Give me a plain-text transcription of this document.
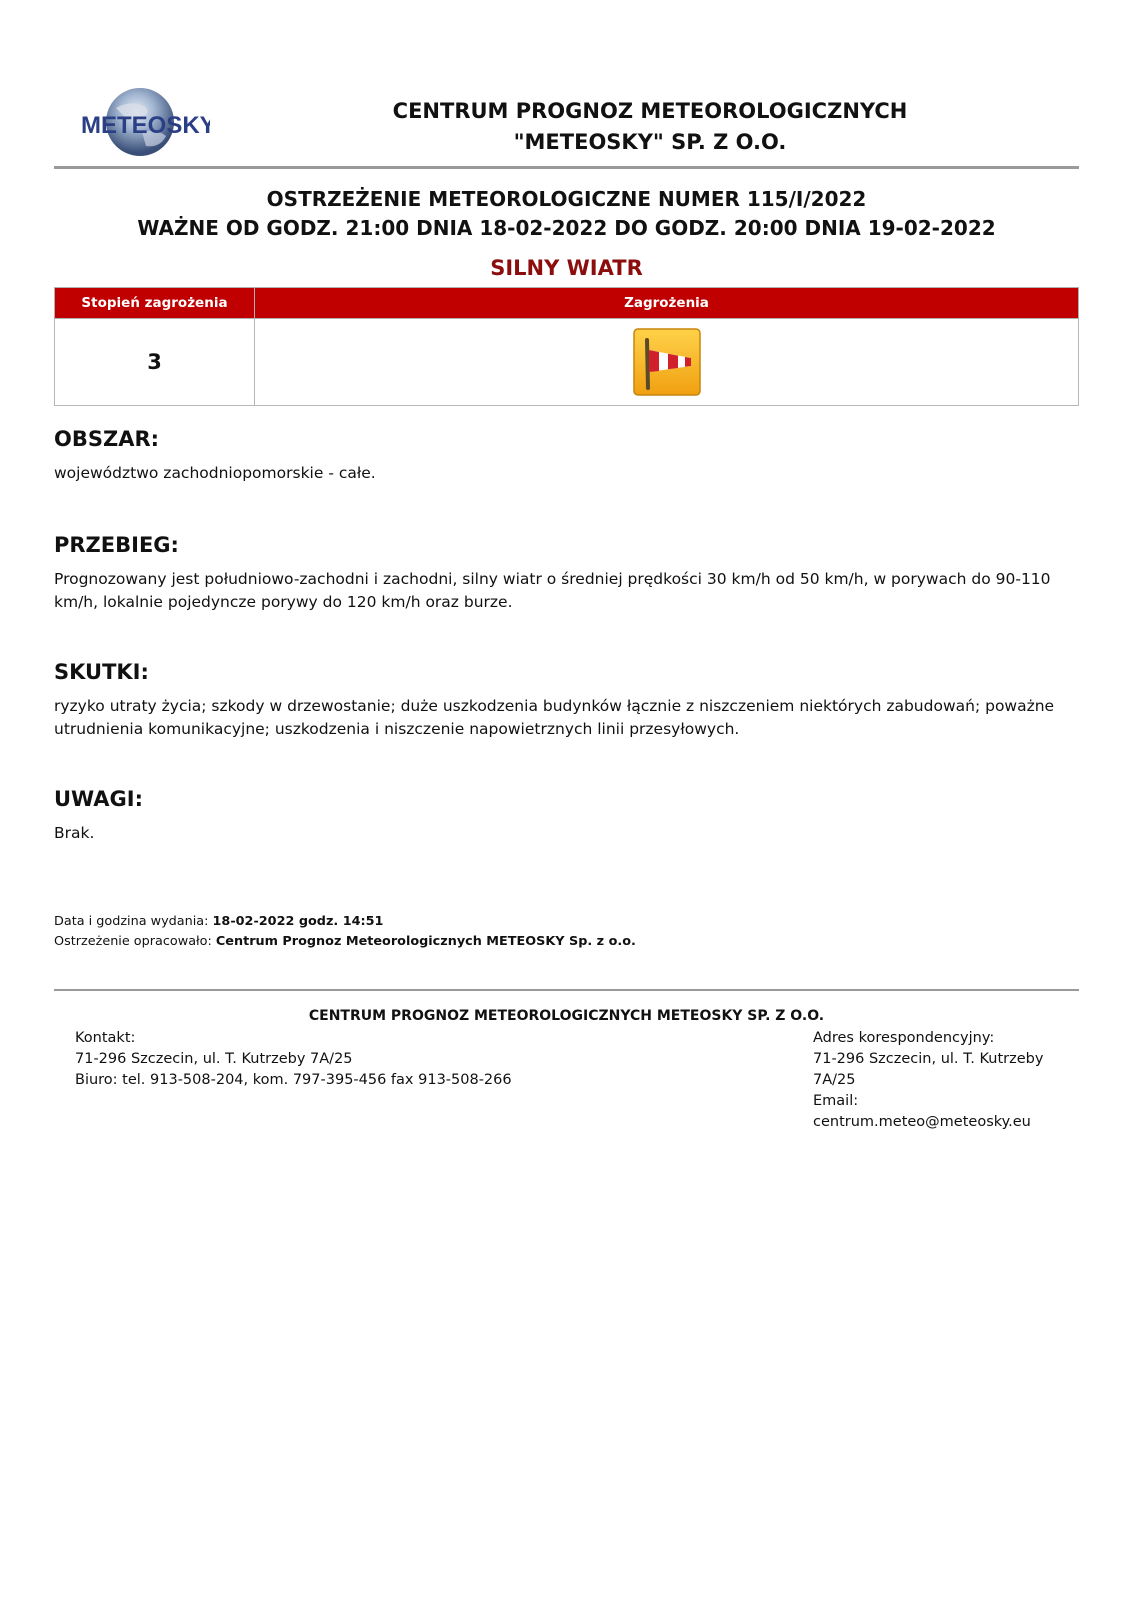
METEOSKY
CENTRUM PROGNOZ METEOROLOGICZNYCH
"METEOSKY" SP. Z O.O.
OSTRZEŻENIE METEOROLOGICZNE NUMER 115/I/2022
WAŻNE OD GODZ. 21:00 DNIA 18-02-2022 DO GODZ. 20:00 DNIA 19-02-2022
SILNY WIATR
Stopień zagrożenia	Zagrożenia
3	
OBSZAR:
województwo zachodniopomorskie - całe.
PRZEBIEG:
Prognozowany jest południowo-zachodni i zachodni, silny wiatr o średniej prędkości 30 km/h od 50 km/h, w porywach do 90-110
km/h, lokalnie pojedyncze porywy do 120 km/h oraz burze.
SKUTKI:
ryzyko utraty życia; szkody w drzewostanie; duże uszkodzenia budynków łącznie z niszczeniem niektórych zabudowań; poważne
utrudnienia komunikacyjne; uszkodzenia i niszczenie napowietrznych linii przesyłowych.
UWAGI:
Brak.
Data i godzina wydania: 18-02-2022 godz. 14:51
Ostrzeżenie opracowało: Centrum Prognoz Meteorologicznych METEOSKY Sp. z o.o.
CENTRUM PROGNOZ METEOROLOGICZNYCH METEOSKY SP. Z O.O.
Kontakt:
71-296 Szczecin, ul. T. Kutrzeby 7A/25
Biuro: tel. 913-508-204, kom. 797-395-456 fax 913-508-266
Adres korespondencyjny:
71-296 Szczecin, ul. T. Kutrzeby
7A/25
Email:
centrum.meteo@meteosky.eu
